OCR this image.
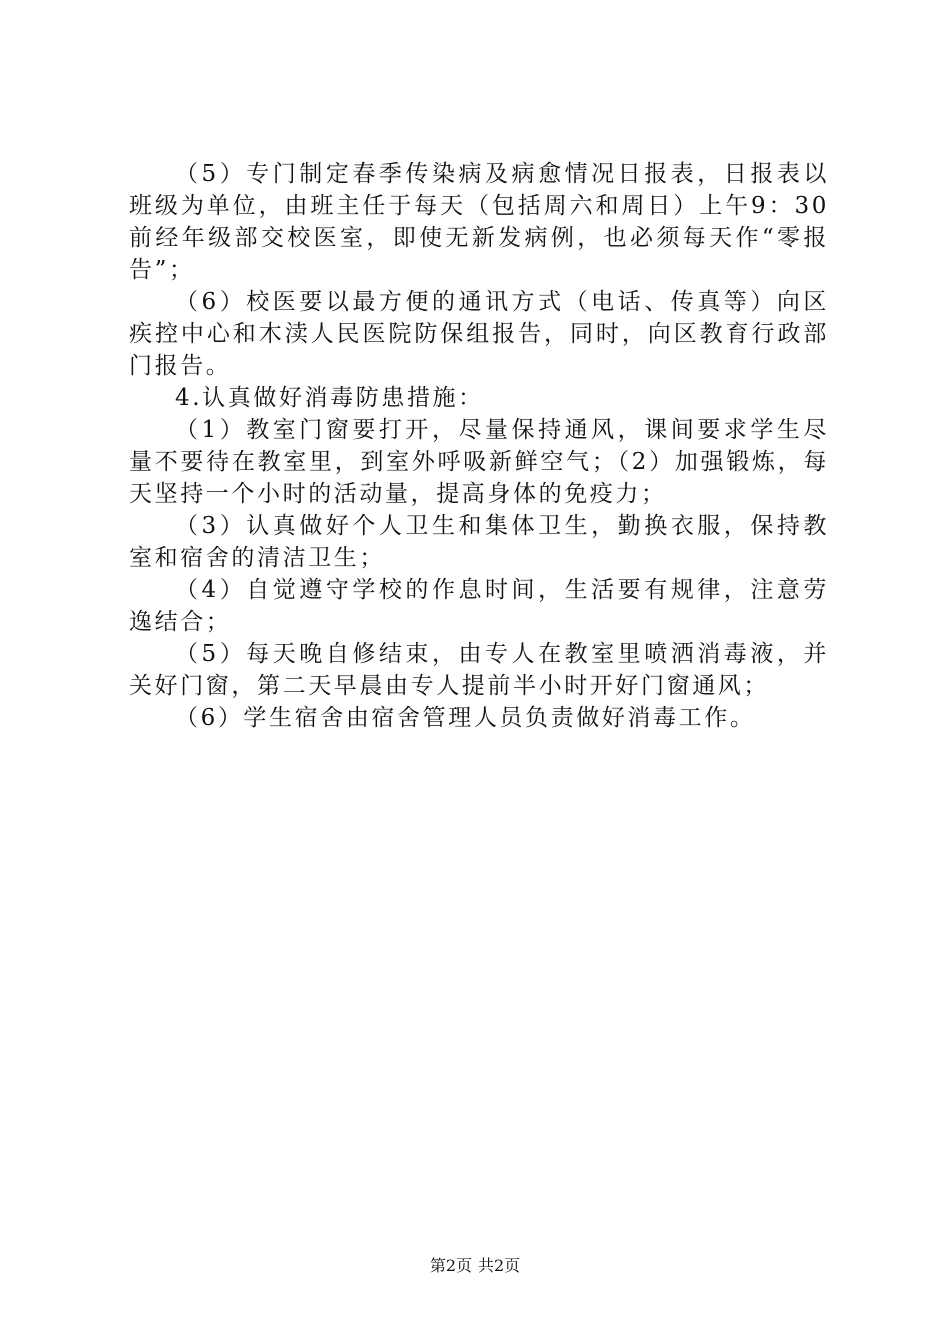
（5）专门制定春季传染病及病愈情况日报表，日报表以班级为单位，由班主任于每天（包括周六和周日）上午9：30前经年级部交校医室，即使无新发病例，也必须每天作“零报告”；

（6）校医要以最方便的通讯方式（电话、传真等）向区疾控中心和木渎人民医院防保组报告，同时，向区教育行政部门报告。

4.认真做好消毒防患措施：

（1）教室门窗要打开，尽量保持通风，课间要求学生尽量不要待在教室里，到室外呼吸新鲜空气；（2）加强锻炼，每天坚持一个小时的活动量，提高身体的免疫力；

（3）认真做好个人卫生和集体卫生，勤换衣服，保持教室和宿舍的清洁卫生；

（4）自觉遵守学校的作息时间，生活要有规律，注意劳逸结合；

（5）每天晚自修结束，由专人在教室里喷洒消毒液，并关好门窗，第二天早晨由专人提前半小时开好门窗通风；

（6）学生宿舍由宿舍管理人员负责做好消毒工作。

第2页 共2页
